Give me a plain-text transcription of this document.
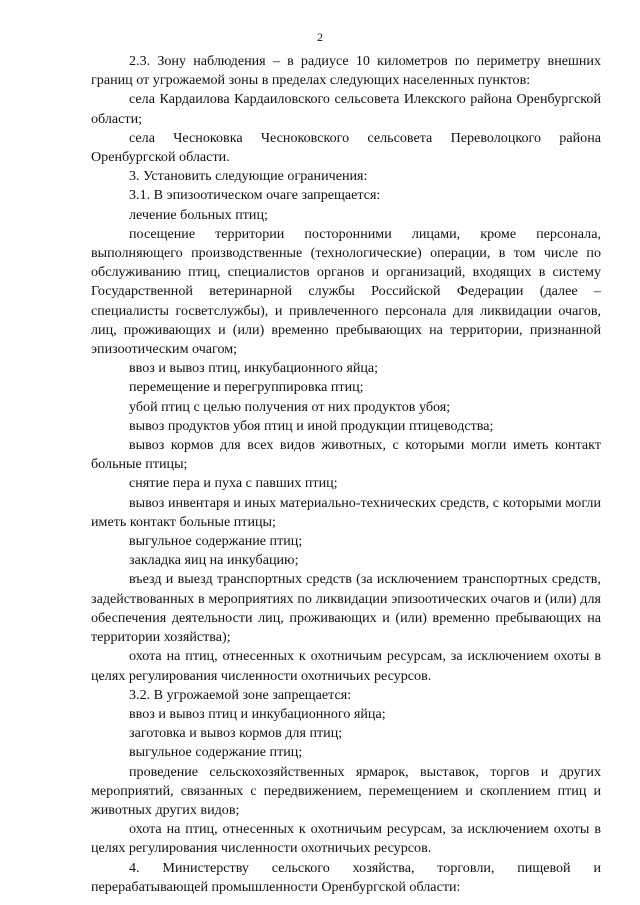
2

2.3. Зону наблюдения – в радиусе 10 километров по периметру внешних границ от угрожаемой зоны в пределах следующих населенных пунктов:

села Кардаилова Кардаиловского сельсовета Илекского района Оренбургской области;

села Чесноковка Чесноковского сельсовета Переволоцкого района Оренбургской области.

3. Установить следующие ограничения:

3.1. В эпизоотическом очаге запрещается:

лечение больных птиц;

посещение территории посторонними лицами, кроме персонала, выполняющего производственные (технологические) операции, в том числе по обслуживанию птиц, специалистов органов и организаций, входящих в систему Государственной ветеринарной службы Российской Федерации (далее – специалисты госветслужбы), и привлеченного персонала для ликвидации очагов, лиц, проживающих и (или) временно пребывающих на территории, признанной эпизоотическим очагом;

ввоз и вывоз птиц, инкубационного яйца;

перемещение и перегруппировка птиц;

убой птиц с целью получения от них продуктов убоя;

вывоз продуктов убоя птиц и иной продукции птицеводства;

вывоз кормов для всех видов животных, с которыми могли иметь контакт больные птицы;

снятие пера и пуха с павших птиц;

вывоз инвентаря и иных материально-технических средств, с которыми могли иметь контакт больные птицы;

выгульное содержание птиц;

закладка яиц на инкубацию;

въезд и выезд транспортных средств (за исключением транспортных средств, задействованных в мероприятиях по ликвидации эпизоотических очагов и (или) для обеспечения деятельности лиц, проживающих и (или) временно пребывающих на территории хозяйства);

охота на птиц, отнесенных к охотничьим ресурсам, за исключением охоты в целях регулирования численности охотничьих ресурсов.

3.2. В угрожаемой зоне запрещается:

ввоз и вывоз птиц и инкубационного яйца;

заготовка и вывоз кормов для птиц;

выгульное содержание птиц;

проведение сельскохозяйственных ярмарок, выставок, торгов и других мероприятий, связанных с передвижением, перемещением и скоплением птиц и животных других видов;

охота на птиц, отнесенных к охотничьим ресурсам, за исключением охоты в целях регулирования численности охотничьих ресурсов.

4. Министерству сельского хозяйства, торговли, пищевой и перерабатывающей промышленности Оренбургской области:
